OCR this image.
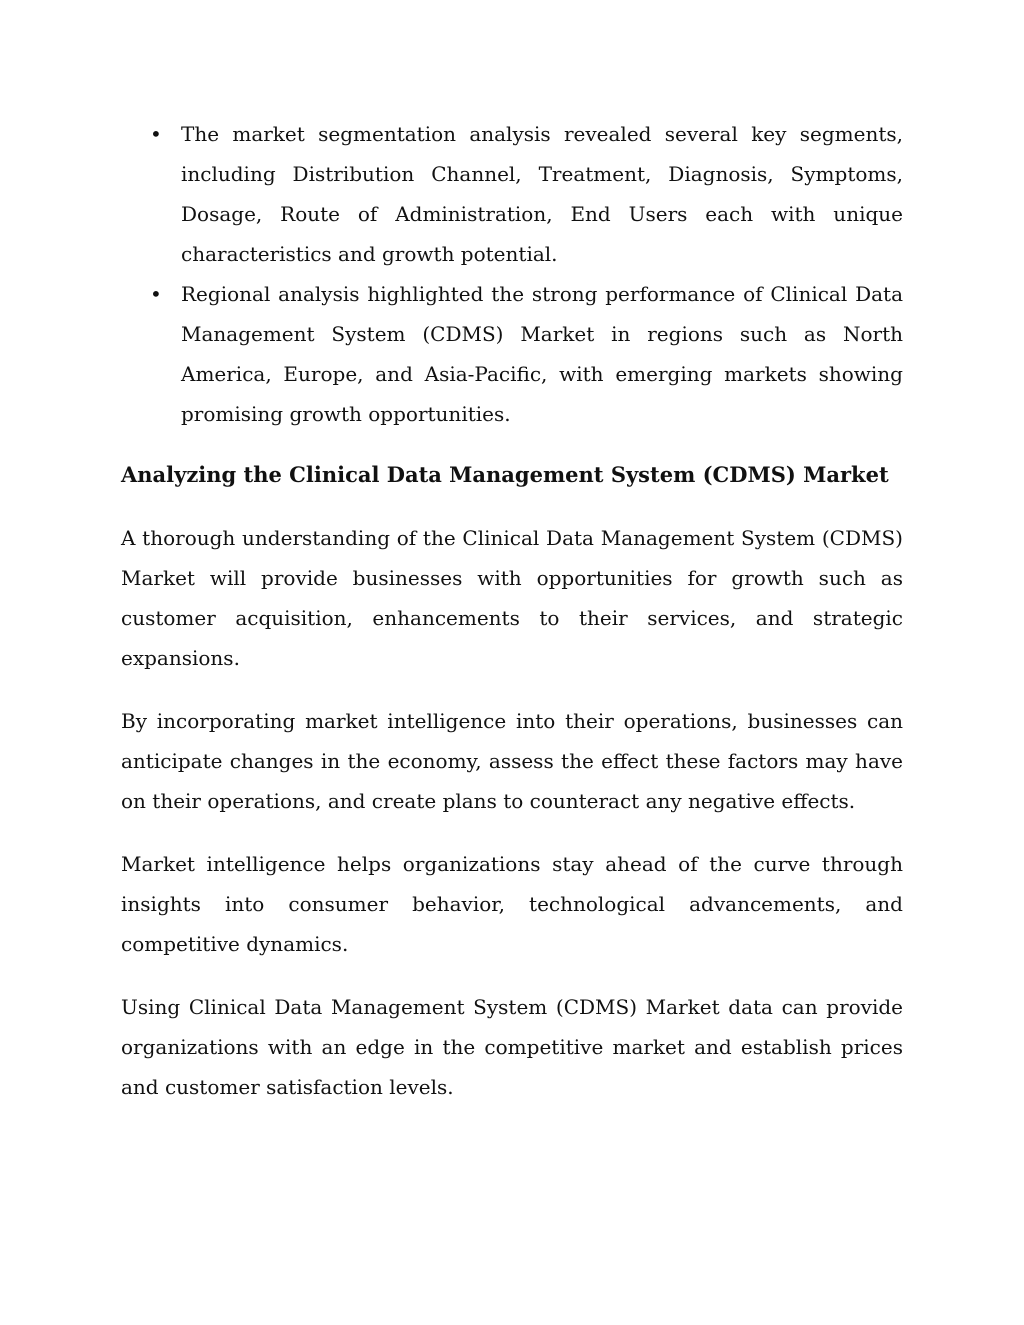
• The market segmentation analysis revealed several key segments, including Distribution Channel, Treatment, Diagnosis, Symptoms, Dosage, Route of Administration, End Users each with unique characteristics and growth potential.
• Regional analysis highlighted the strong performance of Clinical Data Management System (CDMS) Market in regions such as North America, Europe, and Asia-Pacific, with emerging markets showing promising growth opportunities.
Analyzing the Clinical Data Management System (CDMS) Market

A thorough understanding of the Clinical Data Management System (CDMS) Market will provide businesses with opportunities for growth such as customer acquisition, enhancements to their services, and strategic expansions.

By incorporating market intelligence into their operations, businesses can anticipate changes in the economy, assess the effect these factors may have on their operations, and create plans to counteract any negative effects.

Market intelligence helps organizations stay ahead of the curve through insights into consumer behavior, technological advancements, and competitive dynamics.

Using Clinical Data Management System (CDMS) Market data can provide organizations with an edge in the competitive market and establish prices and customer satisfaction levels.
